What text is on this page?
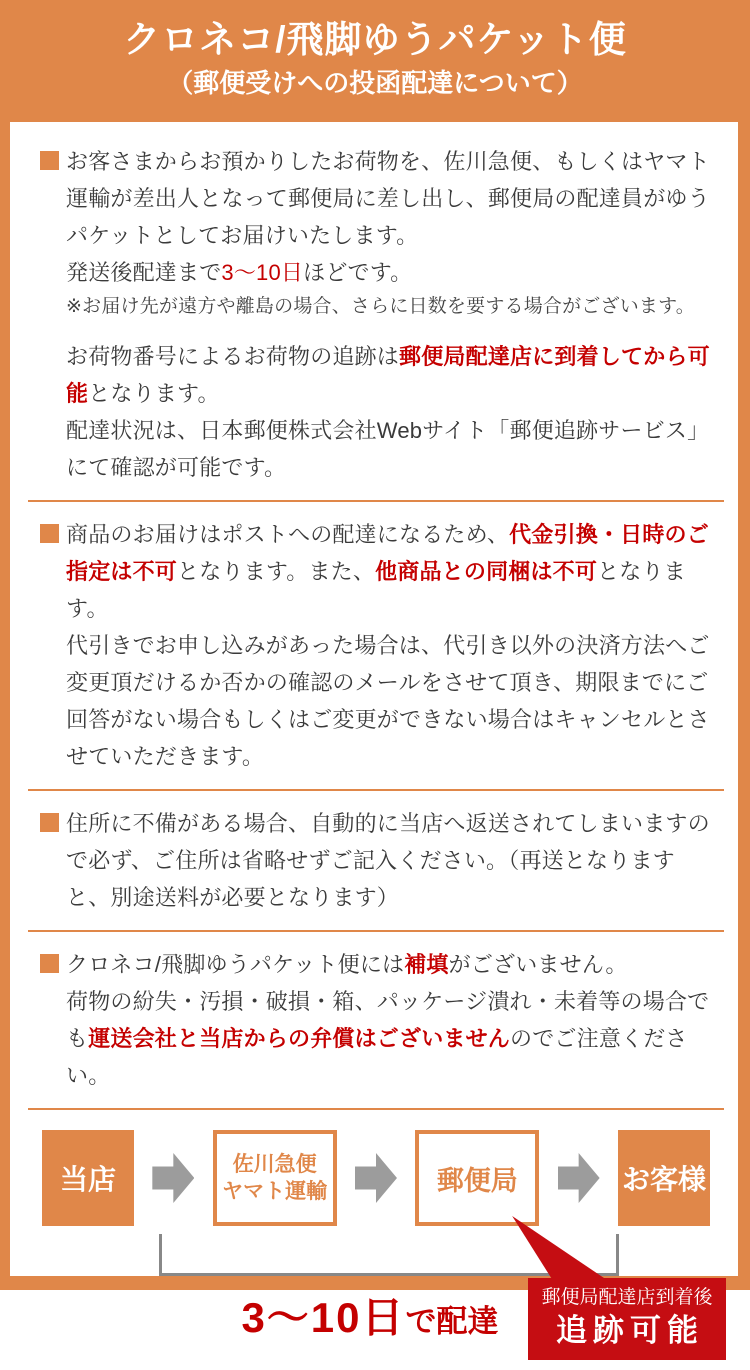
クロネコ/飛脚ゆうパケット便
（郵便受けへの投函配達について）

お客さまからお預かりしたお荷物を、佐川急便、もしくはヤマト運輸が差出人となって郵便局に差し出し、郵便局の配達員がゆうパケットとしてお届けいたします。

発送後配達まで3〜10日ほどです。

※お届け先が遠方や離島の場合、さらに日数を要する場合がございます。

お荷物番号によるお荷物の追跡は郵便局配達店に到着してから可能となります。

配達状況は、日本郵便株式会社Webサイト「郵便追跡サービス」にて確認が可能です。

商品のお届けはポストへの配達になるため、代金引換・日時のご指定は不可となります。また、他商品との同梱は不可となります。

代引きでお申し込みがあった場合は、代引き以外の決済方法へご変更頂だけるか否かの確認のメールをさせて頂き、期限までにご回答がない場合もしくはご変更ができない場合はキャンセルとさせていただきます。

住所に不備がある場合、自動的に当店へ返送されてしまいますので必ず、ご住所は省略せずご記入ください。（再送となりますと、別途送料が必要となります）

クロネコ/飛脚ゆうパケット便には補填がございません。

荷物の紛失・汚損・破損・箱、パッケージ潰れ・未着等の場合でも運送会社と当店からの弁償はございませんのでご注意ください。

当店	佐川急便
ヤマト運輸	郵便局	お客様
3〜10日で配達
郵便局配達店到着後
追跡可能
